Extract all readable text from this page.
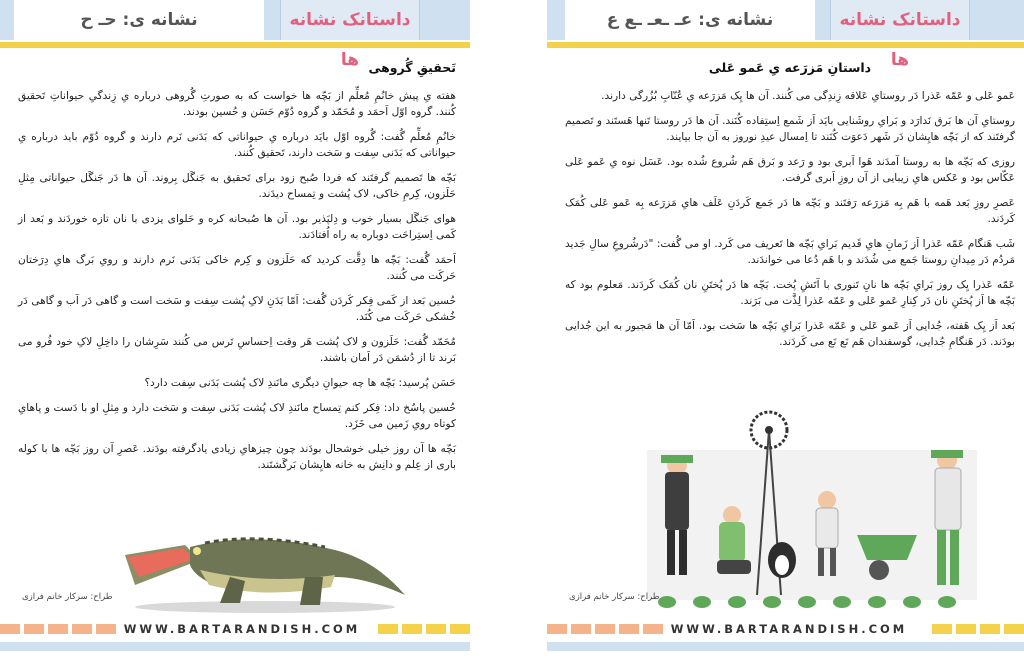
نشانه ی: حـ ح	داستانک نشانه ها تَحقیقِ گُروهی

هفته یِ پیش خانُمِ مُعلِّم از بَچّه ها خواست که به صورتِ گُروهی درباره یِ زِندگیِ حیواناتِ تَحقیق کُنند. گروه اوّل اَحمَد و مُحَمّد و گروه دُوّم حَسَن و حُسین بودند.

خانُمِ مُعلِّم گُفت: گُروه اوّل بایَد درباره یِ حیواناتی که بَدَنی نَرم دارند و گروه دُوّم باید درباره یِ حیواناتی که بَدَنی سِفت و سَخت دارند، تَحقیق کُنند.

بَچّه ها تَصمیم گرفتَند که فردا صُبح زود برای تَحقیق به جَنگَل بِروند. آن ها دَر جَنگَل حیواناتی مِثلِ حَلَزون، کِرمِ خاکی، لاک پُشت و تِمساح دیدَند.

هوای جَنگَل بسیار خوب و دِلپَذیر بود. آن ها صُبحانه کره و حَلوای یزدی با نان تازه خوردَند و بَعد از کَمی اِستِراحَت دوباره به راه اُفتادَند.

اَحمَد گُفت: بَچّه ها دِقَّت کردید که حَلَزون و کِرم خاکی بَدَنی نَرم دارند و رویِ بَرگ هایِ دِرَختان حَرکَت می کُنند.

حُسین بَعد از کَمی فِکر کَردَن گُفت: اَمّا بَدَنِ لاکِ پُشت سِفت و سَخت است و گاهی دَر آب و گاهی دَر خُشکی حَرکَت می کُنَد.

مُحَمّد گُفت: حَلَزون و لاک پُشت هَر وقت اِحساسِ تَرس می کُنند سَرِشان را داخِلِ لاکِ خود فُرو می بَرند تا از دُشمَن دَر اَمان باشند.

حَسَن پُرسید: بَچّه ها چه حیوانِ دیگری مانَندِ لاک پُشت بَدَنی سِفت دارد؟

حُسین پاسُخ داد: فِکر کنم تِمساح مانَندِ لاک پُشت بَدَنی سِفت و سَخت دارد و مِثلِ او با دَست و پاهایِ کوتاه رویِ زَمین می خَزَد.

بَچّه ها آن روز خیلی خوشحال بودَند چون چیزهایِ زیادی یادگرفته بودَند. عَصرِ آن روز بَچّه ها با کوله باری از عِلم و دانِش به خانه هایِشان بَرگَشتَند.

طراح: سرکار خانم فرازی
WWW.BARTARANDISH.COM
نشانه ی: عـ ـعـ ـع ع	داستانک نشانه ها
داستانِ مَزرَعه یِ عَمو عَلی

عَمو عَلی و عَمّه عَذرا دَر روستایِ عَلاقه زِندِگی می کُنند. آن ها یِک مَزرَعه یِ عُنّابِ بُزُرگی دارند.

روستایِ آن ها بَرق نَدارَد و بَرایِ روشَنایی بایَد اَز شَمع اِستِفاده کُنَند. آن ها دَر روستا تَنها هَستَند و تَصمیم گرفتَند که از بَچّه هایِشان دَر شَهر دَعوَت کُنَند تا اِمسال عیدِ نوروز به آن جا بیایند.

روزی که بَچّه ها به روستا آمدَند هَوا اَبری بود و رَعد و بَرق هَم شُروع شُده بود. عَسَل نوه یِ عَمو عَلی عَکّاس بود و عَکس هایِ زیبایی از آن روزِ اَبری گرفت.

عَصرِ روزِ بَعد هَمه با هَم بِه مَزرَعه رَفتَند و بَچّه ها دَر جَمع کَردَنِ عَلَف هایِ مَزرَعه بِه عَمو عَلی کُمَک کَردَند.

شَب هَنگام عَمّه عَذرا اَز زَمانِ هایِ قَدیم بَرایِ بَچّه ها تَعریف می کَرد. او می گُفت: "دَرشُروعِ سالِ جَدید مَردُم دَر مِیدانِ روستا جَمع می شُدَند و با هَم دُعا می خواندَند.

عَمّه عَذرا یِک روز بَرایِ بَچّه ها نانِ تَنوری با آتَشِ پُخت. بَچّه ها دَر پُختَنِ نان کُمَک کَردَند. مَعلوم بود که بَچّه ها اَز پُختَنِ نان دَر کِنارِ عَمو عَلی و عَمّه عَذرا لِذَّت می بَرَند.

بَعد اَز یِک هَفته، جُدایی اَز عَمو عَلی و عَمّه عَذرا بَرایِ بَچّه ها سَخت بود. اَمّا آن ها مَجبور به این جُدایی بودَند. دَر هَنگامِ جُدایی، گوسفندان هَم نَع نَع می کَردَند.

طراح: سرکار خانم فرازی
WWW.BARTARANDISH.COM
